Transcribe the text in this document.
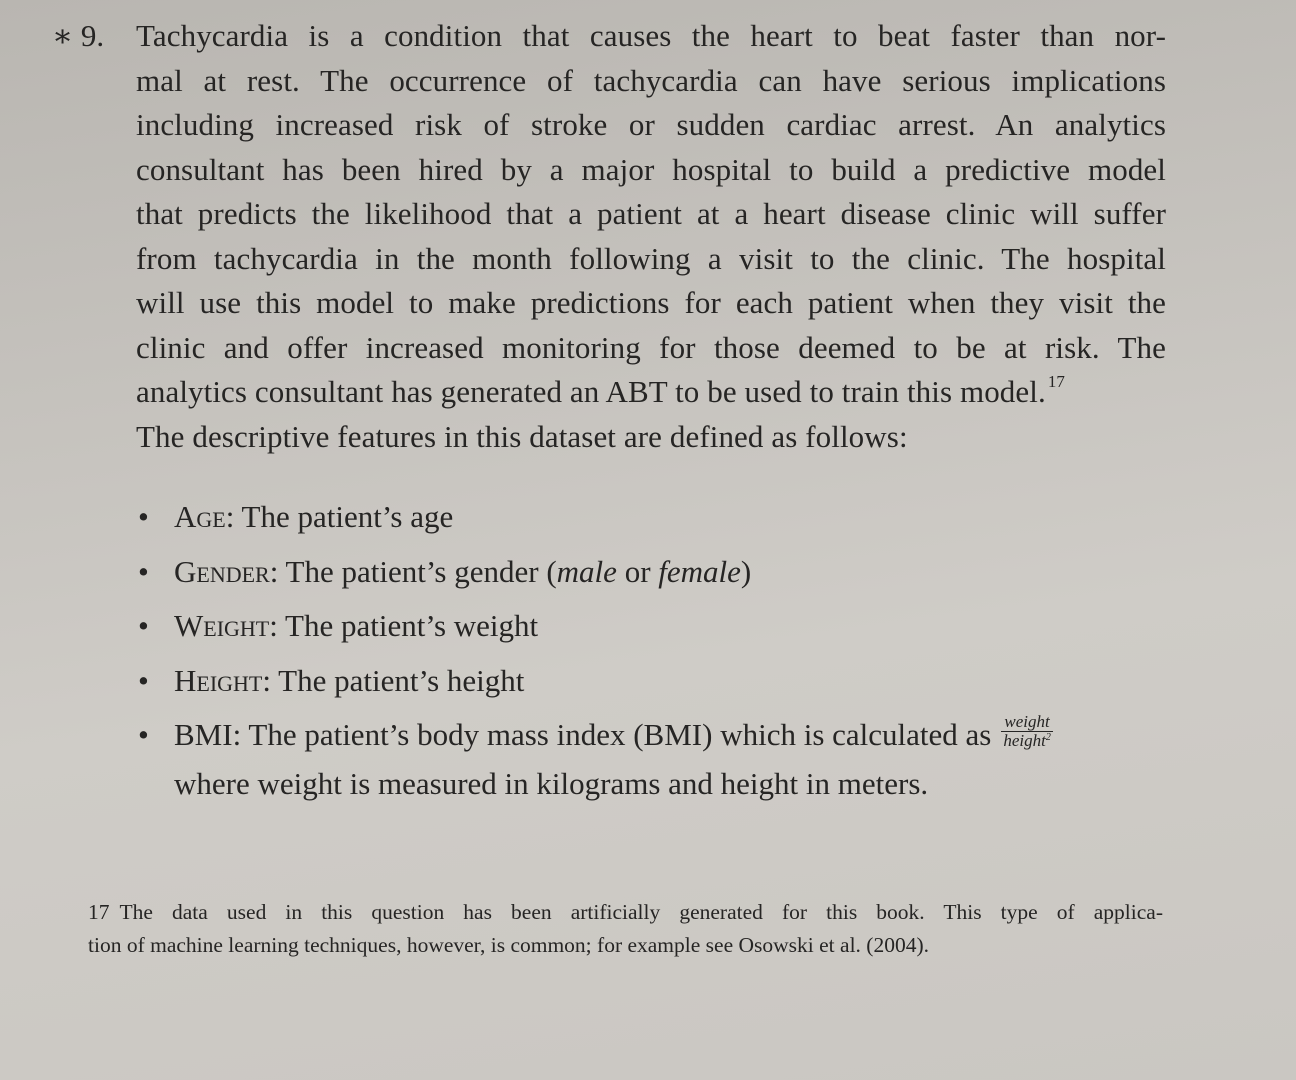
∗ 9. Tachycardia is a condition that causes the heart to beat faster than nor-
mal at rest. The occurrence of tachycardia can have serious implications
including increased risk of stroke or sudden cardiac arrest. An analytics
consultant has been hired by a major hospital to build a predictive model
that predicts the likelihood that a patient at a heart disease clinic will suffer
from tachycardia in the month following a visit to the clinic. The hospital
will use this model to make predictions for each patient when they visit the
clinic and offer increased monitoring for those deemed to be at risk. The
analytics consultant has generated an ABT to be used to train this model. $^{17}$
The descriptive features in this dataset are defined as follows:
• Age: The patient’s age
• Gender: The patient’s gender (male or female)
• Weight: The patient’s weight
• Height: The patient’s height
• BMI: The patient’s body mass index (BMI) which is calculated as $\frac{\text{weight}}{height^2}$
where weight is measured in kilograms and height in meters.
17 The data used in this question has been artificially generated for this book. This type of applica-
tion of machine learning techniques, however, is common; for example see Osowski et al. (2004).
